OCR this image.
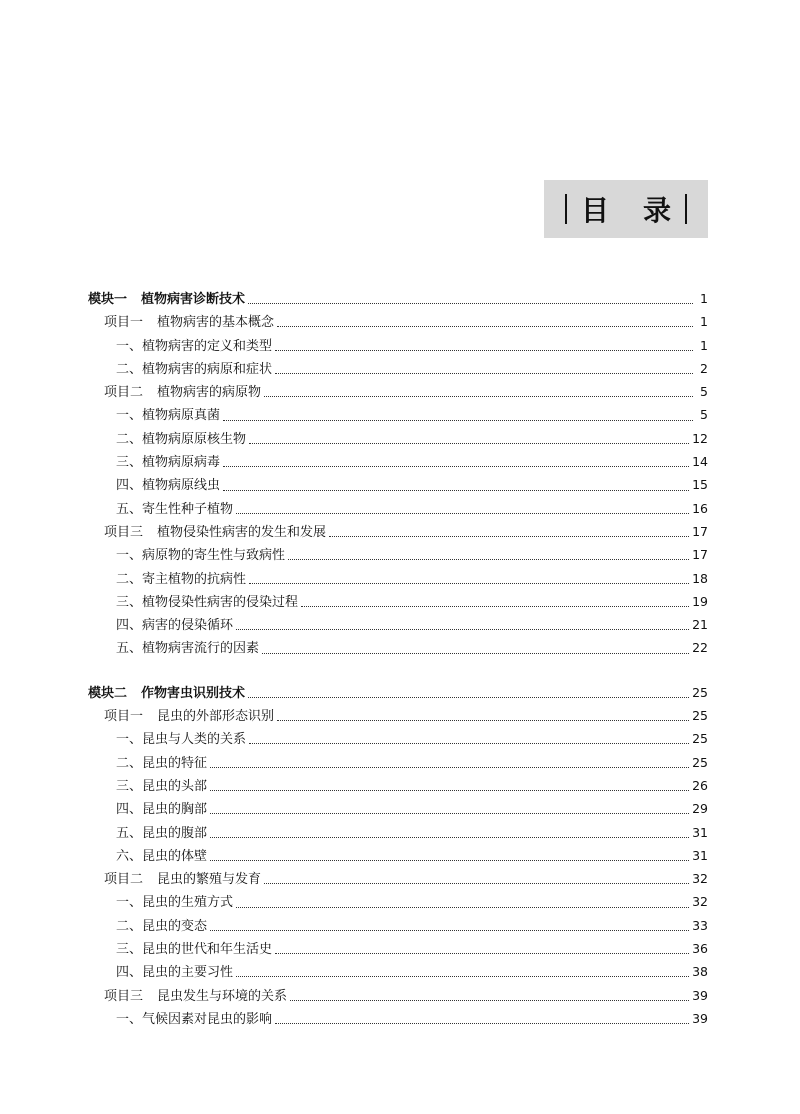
目 录
模块一 植物病害诊断技术	1
项目一 植物病害的基本概念	1
一、植物病害的定义和类型	1
二、植物病害的病原和症状	2
项目二 植物病害的病原物	5
一、植物病原真菌	5
二、植物病原原核生物	12
三、植物病原病毒	14
四、植物病原线虫	15
五、寄生性种子植物	16
项目三 植物侵染性病害的发生和发展	17
一、病原物的寄生性与致病性	17
二、寄主植物的抗病性	18
三、植物侵染性病害的侵染过程	19
四、病害的侵染循环	21
五、植物病害流行的因素	22
模块二 作物害虫识别技术	25
项目一 昆虫的外部形态识别	25
一、昆虫与人类的关系	25
二、昆虫的特征	25
三、昆虫的头部	26
四、昆虫的胸部	29
五、昆虫的腹部	31
六、昆虫的体壁	31
项目二 昆虫的繁殖与发育	32
一、昆虫的生殖方式	32
二、昆虫的变态	33
三、昆虫的世代和年生活史	36
四、昆虫的主要习性	38
项目三 昆虫发生与环境的关系	39
一、气候因素对昆虫的影响	39
